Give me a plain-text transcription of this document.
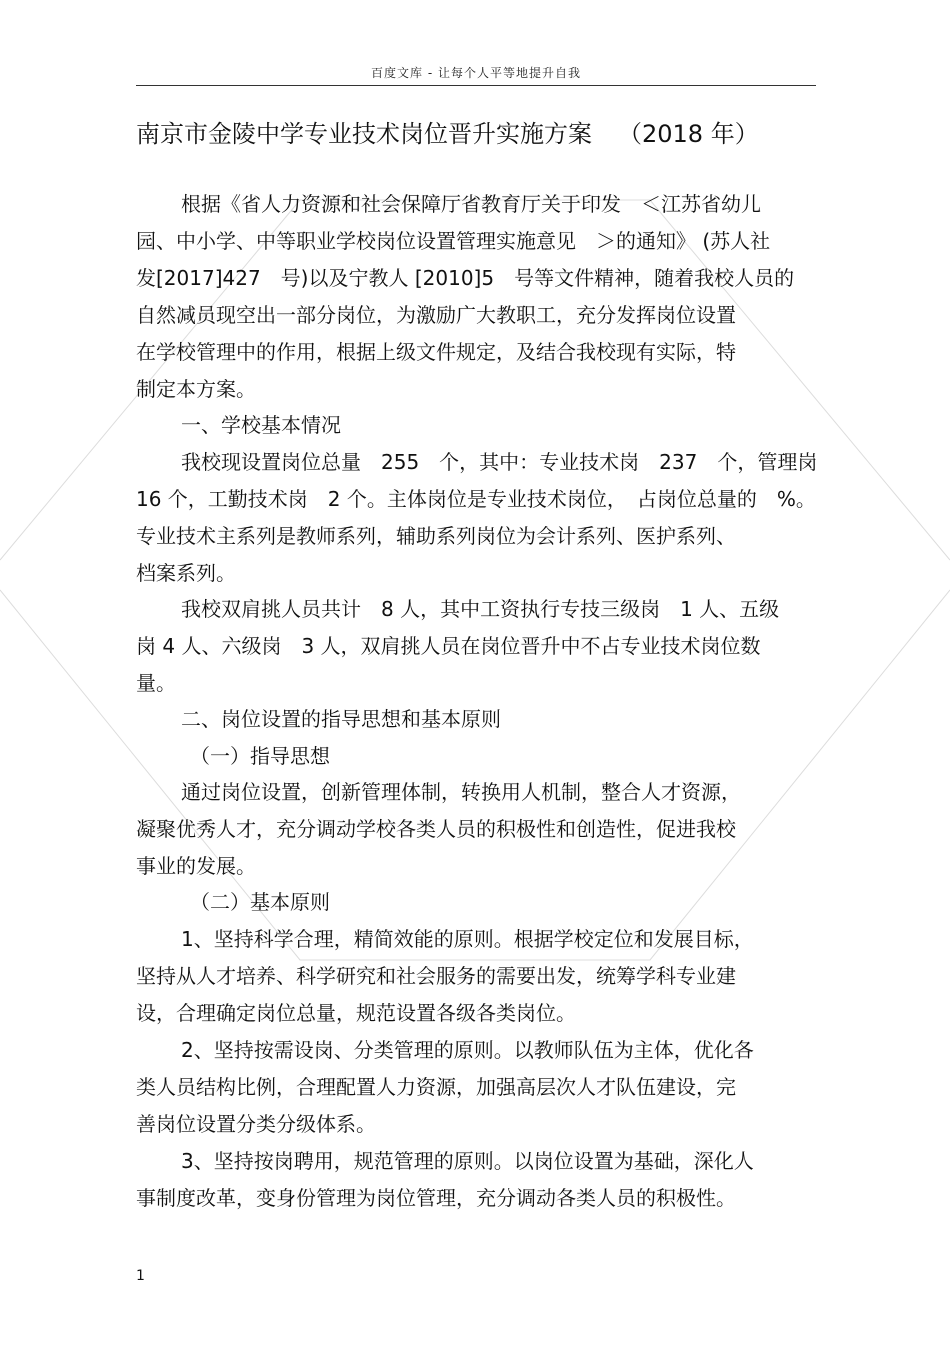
百度文库 - 让每个人平等地提升自我
南京市金陵中学专业技术岗位晋升实施方案 （2018 年）
根据《省人力资源和社会保障厅省教育厅关于印发　＜江苏省幼儿
园、中小学、中等职业学校岗位设置管理实施意见　＞的通知》 (苏人社
发[2017]427　号)以及宁教人 [2010]5　号等文件精神，随着我校人员的
自然减员现空出一部分岗位，为激励广大教职工，充分发挥岗位设置
在学校管理中的作用，根据上级文件规定，及结合我校现有实际，特
制定本方案。
一、学校基本情况
我校现设置岗位总量　255　个，其中：专业技术岗　237　个，管理岗
16 个，工勤技术岗　2 个。主体岗位是专业技术岗位，　占岗位总量的　%。
专业技术主系列是教师系列，辅助系列岗位为会计系列、医护系列、
档案系列。
我校双肩挑人员共计　8 人，其中工资执行专技三级岗　1 人、五级
岗 4 人、六级岗　3 人，双肩挑人员在岗位晋升中不占专业技术岗位数
量。
二、岗位设置的指导思想和基本原则
（一）指导思想
通过岗位设置，创新管理体制，转换用人机制，整合人才资源，
凝聚优秀人才，充分调动学校各类人员的积极性和创造性，促进我校
事业的发展。
（二）基本原则
1、坚持科学合理，精简效能的原则。根据学校定位和发展目标，
坚持从人才培养、科学研究和社会服务的需要出发，统筹学科专业建
设，合理确定岗位总量，规范设置各级各类岗位。
2、坚持按需设岗、分类管理的原则。以教师队伍为主体，优化各
类人员结构比例，合理配置人力资源，加强高层次人才队伍建设，完
善岗位设置分类分级体系。
3、坚持按岗聘用，规范管理的原则。以岗位设置为基础，深化人
事制度改革，变身份管理为岗位管理，充分调动各类人员的积极性。
1
